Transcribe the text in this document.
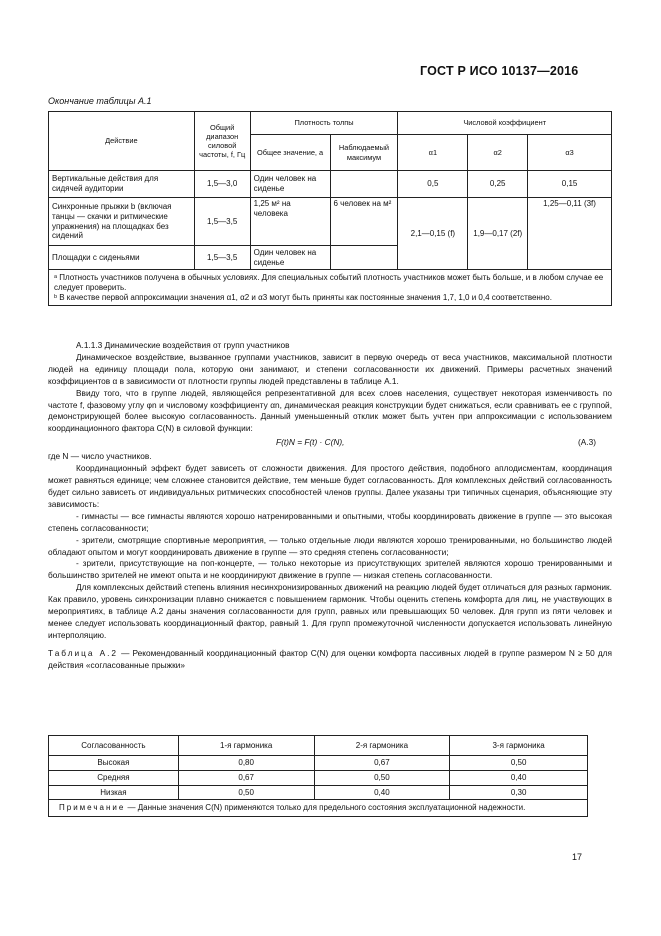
ГОСТ Р ИСО 10137—2016
Окончание таблицы А.1
Действие	Общий диапазон силовой частоты, f, Гц	Плотность толпы		Числовой коэффициент		
		Общее значение, а	Наблюдаемый максимум	α1	α2	α3
Вертикальные действия для сидячей аудитории	1,5—3,0	Один человек на сиденье		0,5	0,25	0,15
Синхронные прыжки b (включая танцы — скачки и ритмические упражнения) на площадках без сидений	1,5—3,5	1,25 м² на человека	6 человек на м²	2,1—0,15 (f)	1,9—0,17 (2f)	1,25—0,11 (3f)
Площадки с сиденьями	1,5—3,5	Один человек на сиденье				

ᵃ Плотность участников получена в обычных условиях. Для специальных событий плотность участников может быть больше, и в любом случае ее следует проверить.
ᵇ В качестве первой аппроксимации значения α1, α2 и α3 могут быть приняты как постоянные значения 1,7, 1,0 и 0,4 соответственно.						

А.1.1.3 Динамические воздействия от групп участников

Динамическое воздействие, вызванное группами участников, зависит в первую очередь от веса участников, максимальной плотности людей на единицу площади пола, которую они занимают, и степени согласованности их движений. Примеры расчетных значений коэффициентов α в зависимости от плотности группы людей представлены в таблице А.1.

Ввиду того, что в группе людей, являющейся репрезентативной для всех слоев населения, существует некоторая изменчивость по частоте f, фазовому углу φn и числовому коэффициенту αn, динамическая реакция конструкции будет снижаться, если сравнивать ее с группой, демонстрирующей более высокую согласованность. Данный уменьшенный отклик может быть учтен при аппроксимации с использованием координационного фактора C(N) в силовой функции:

F(t)N = F(t) · C(N),	(А.3)

где N — число участников.

Координационный эффект будет зависеть от сложности движения. Для простого действия, подобного аплодисментам, координация может равняться единице; чем сложнее становится действие, тем меньше будет согласованность. Для комплексных действий согласованность будет сильно зависеть от индивидуальных ритмических способностей членов группы. Далее указаны три типичных сценария, объясняющие эту зависимость:

- гимнасты — все гимнасты являются хорошо натренированными и опытными, чтобы координировать движение в группе — это высокая степень согласованности;

- зрители, смотрящие спортивные мероприятия, — только отдельные люди являются хорошо тренированными, но большинство людей обладают опытом и могут координировать движение в группе — это средняя степень согласованности;

- зрители, присутствующие на поп-концерте, — только некоторые из присутствующих зрителей являются хорошо тренированными и большинство зрителей не имеют опыта и не координируют движение в группе — низкая степень согласованности.

Для комплексных действий степень влияния несинхронизированных движений на реакцию людей будет отличаться для разных гармоник. Как правило, уровень синхронизации плавно снижается с повышением гармоник. Чтобы оценить степень комфорта для лиц, не участвующих в мероприятиях, в таблице А.2 даны значения согласованности для групп, равных или превышающих 50 человек. Для групп из пяти человек и менее следует использовать координационный фактор, равный 1. Для групп промежуточной численности допускается использовать линейную интерполяцию.

Таблица А.2 — Рекомендованный координационный фактор C(N) для оценки комфорта пассивных людей в группе размером N ≥ 50 для действия «согласованные прыжки»

Согласованность	1-я гармоника	2-я гармоника	3-я гармоника
Высокая	0,80	0,67	0,50
Средняя	0,67	0,50	0,40
Низкая	0,50	0,40	0,30
Примечание — Данные значения C(N) применяются только для предельного состояния эксплуатационной надежности.			
17
